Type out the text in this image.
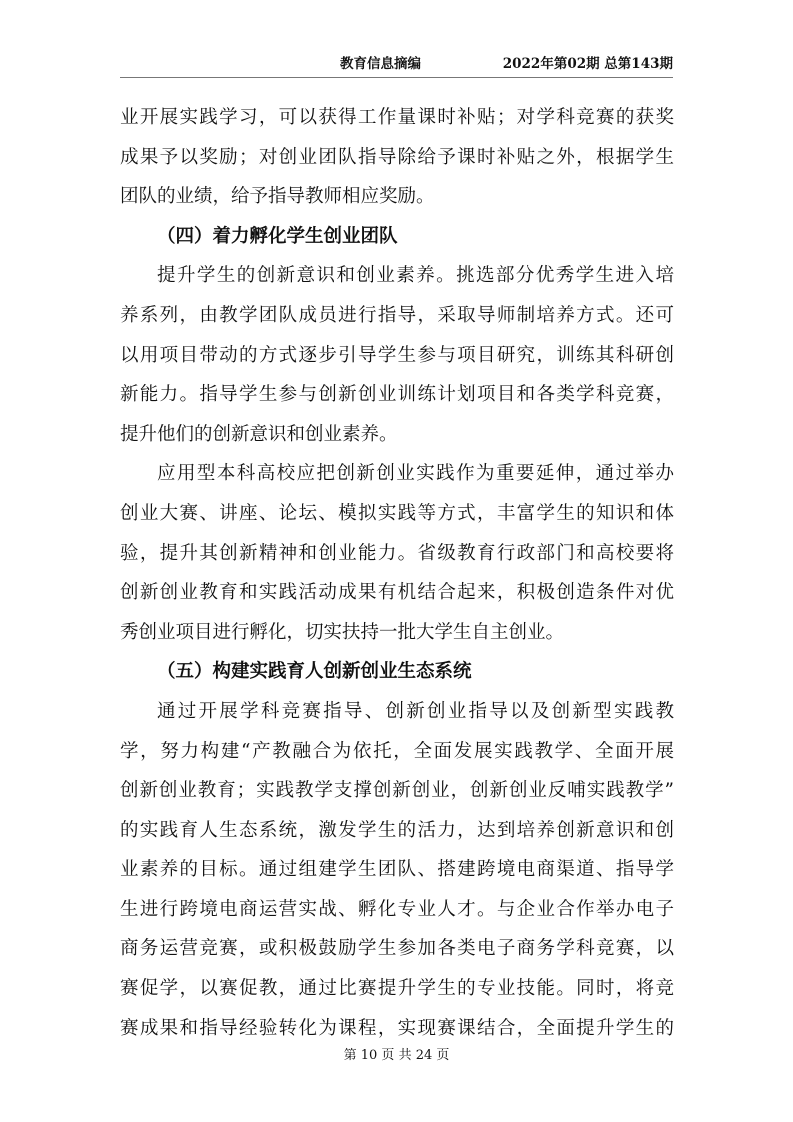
教育信息摘编	2022年第02期 总第143期
业开展实践学习，可以获得工作量课时补贴；对学科竞赛的获奖
成果予以奖励；对创业团队指导除给予课时补贴之外，根据学生
团队的业绩，给予指导教师相应奖励。
（四）着力孵化学生创业团队
提升学生的创新意识和创业素养。挑选部分优秀学生进入培
养系列，由教学团队成员进行指导，采取导师制培养方式。还可
以用项目带动的方式逐步引导学生参与项目研究，训练其科研创
新能力。指导学生参与创新创业训练计划项目和各类学科竞赛，
提升他们的创新意识和创业素养。
应用型本科高校应把创新创业实践作为重要延伸，通过举办
创业大赛、讲座、论坛、模拟实践等方式，丰富学生的知识和体
验，提升其创新精神和创业能力。省级教育行政部门和高校要将
创新创业教育和实践活动成果有机结合起来，积极创造条件对优
秀创业项目进行孵化，切实扶持一批大学生自主创业。
（五）构建实践育人创新创业生态系统
通过开展学科竞赛指导、创新创业指导以及创新型实践教
学，努力构建“产教融合为依托，全面发展实践教学、全面开展
创新创业教育；实践教学支撑创新创业，创新创业反哺实践教学”
的实践育人生态系统，激发学生的活力，达到培养创新意识和创
业素养的目标。通过组建学生团队、搭建跨境电商渠道、指导学
生进行跨境电商运营实战、孵化专业人才。与企业合作举办电子
商务运营竞赛，或积极鼓励学生参加各类电子商务学科竞赛，以
赛促学，以赛促教，通过比赛提升学生的专业技能。同时，将竞
赛成果和指导经验转化为课程，实现赛课结合，全面提升学生的
第 10 页 共 24 页
